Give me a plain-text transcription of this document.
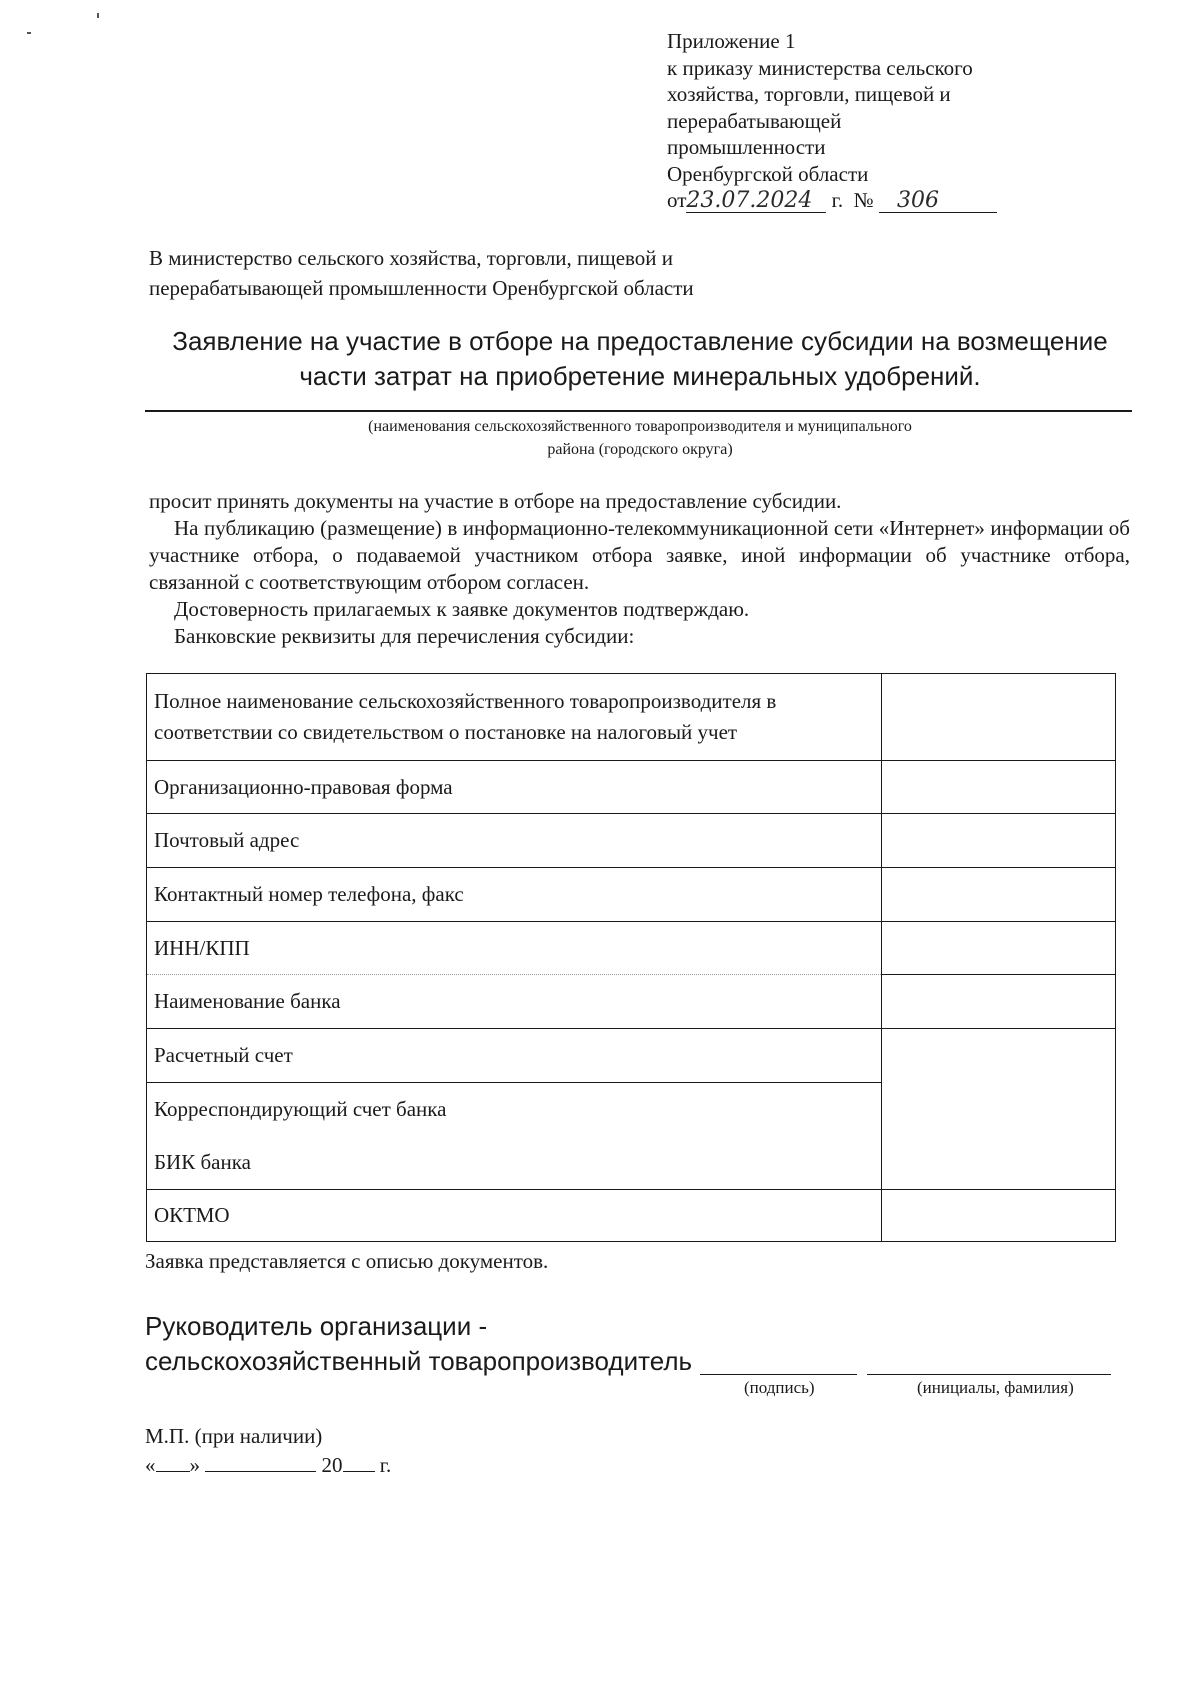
Приложение 1
к приказу министерства сельского
хозяйства, торговли, пищевой и
перерабатывающей
промышленности
Оренбургской области
от23.07.2024 г. № 306
В министерство сельского хозяйства, торговли, пищевой и
перерабатывающей промышленности Оренбургской области
Заявление на участие в отборе на предоставление субсидии на возмещение
части затрат на приобретение минеральных удобрений.
(наименования сельскохозяйственного товаропроизводителя и муниципального
района (городского округа)

просит принять документы на участие в отборе на предоставление субсидии.

На публикацию (размещение) в информационно-телекоммуникационной сети «Интернет» информации об участнике отбора, о подаваемой участником отбора заявке, иной информации об участнике отбора, связанной с соответствующим отбором согласен.

Достоверность прилагаемых к заявке документов подтверждаю.

Банковские реквизиты для перечисления субсидии:

Полное наименование сельскохозяйственного товаропроизводителя в соответствии со свидетельством о постановке на налоговый учет	
Организационно-правовая форма	
Почтовый адрес	
Контактный номер телефона, факс	
ИНН/КПП	
Наименование банка	
Расчетный счет	
Корреспондирующий счет банка	
БИК банка	
ОКТМО	
Заявка представляется с описью документов.
Руководитель организации -
сельскохозяйственный товаропроизводитель
(подпись)	(инициалы, фамилия)
М.П. (при наличии)
« »	20 г.
